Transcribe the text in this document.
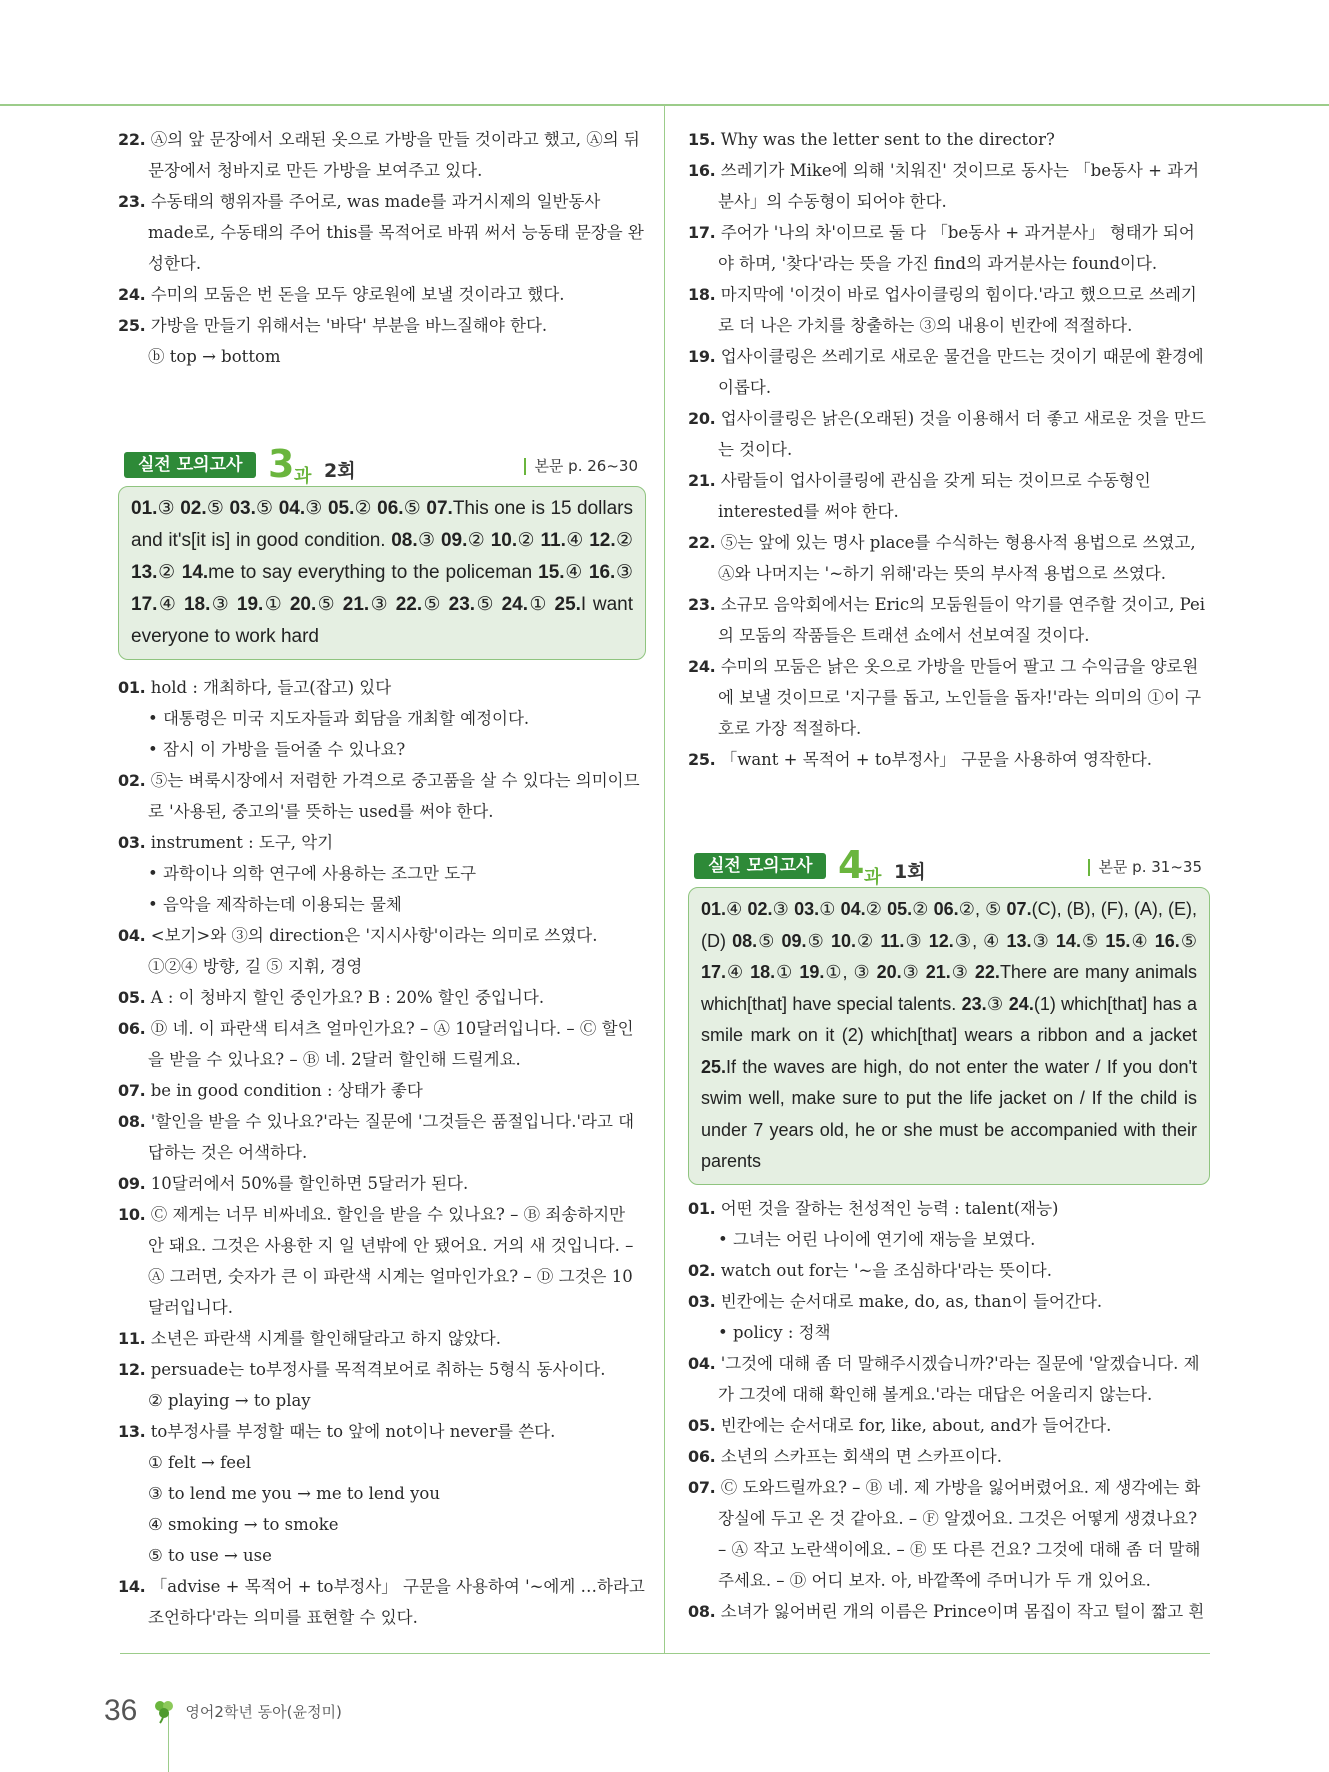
22. Ⓐ의 앞 문장에서 오래된 옷으로 가방을 만들 것이라고 했고, Ⓐ의 뒤 문장에서 청바지로 만든 가방을 보여주고 있다.
23. 수동태의 행위자를 주어로, was made를 과거시제의 일반동사 made로, 수동태의 주어 this를 목적어로 바꿔 써서 능동태 문장을 완성한다.
24. 수미의 모둠은 번 돈을 모두 양로원에 보낼 것이라고 했다.
25. 가방을 만들기 위해서는 '바닥' 부분을 바느질해야 한다.
ⓑ top → bottom
실전 모의고사 3 과 2회	본문 p. 26~30
01.③ 02.⑤ 03.⑤ 04.③ 05.② 06.⑤ 07.This one is 15 dollars and it's[it is] in good condition. 08.③ 09.② 10.② 11.④ 12.② 13.② 14.me to say everything to the policeman 15.④ 16.③ 17.④ 18.③ 19.① 20.⑤ 21.③ 22.⑤ 23.⑤ 24.① 25.I want everyone to work hard
01. hold : 개최하다, 들고(잡고) 있다
• 대통령은 미국 지도자들과 회담을 개최할 예정이다.
• 잠시 이 가방을 들어줄 수 있나요?
02. ⑤는 벼룩시장에서 저렴한 가격으로 중고품을 살 수 있다는 의미이므로 '사용된, 중고의'를 뜻하는 used를 써야 한다.
03. instrument : 도구, 악기
• 과학이나 의학 연구에 사용하는 조그만 도구
• 음악을 제작하는데 이용되는 물체
04. <보기>와 ③의 direction은 '지시사항'이라는 의미로 쓰였다.
①②④ 방향, 길 ⑤ 지휘, 경영
05. A : 이 청바지 할인 중인가요? B : 20% 할인 중입니다.
06. Ⓓ 네. 이 파란색 티셔츠 얼마인가요? – Ⓐ 10달러입니다. – Ⓒ 할인을 받을 수 있나요? – Ⓑ 네. 2달러 할인해 드릴게요.
07. be in good condition : 상태가 좋다
08. '할인을 받을 수 있나요?'라는 질문에 '그것들은 품절입니다.'라고 대답하는 것은 어색하다.
09. 10달러에서 50%를 할인하면 5달러가 된다.
10. Ⓒ 제게는 너무 비싸네요. 할인을 받을 수 있나요? – Ⓑ 죄송하지만 안 돼요. 그것은 사용한 지 일 년밖에 안 됐어요. 거의 새 것입니다. – Ⓐ 그러면, 숫자가 큰 이 파란색 시계는 얼마인가요? – Ⓓ 그것은 10달러입니다.
11. 소년은 파란색 시계를 할인해달라고 하지 않았다.
12. persuade는 to부정사를 목적격보어로 취하는 5형식 동사이다.
② playing → to play
13. to부정사를 부정할 때는 to 앞에 not이나 never를 쓴다.
① felt → feel
③ to lend me you → me to lend you
④ smoking → to smoke
⑤ to use → use
14. 「advise + 목적어 + to부정사」 구문을 사용하여 '~에게 …하라고 조언하다'라는 의미를 표현할 수 있다.
15. Why was the letter sent to the director?
16. 쓰레기가 Mike에 의해 '치워진' 것이므로 동사는 「be동사 + 과거분사」의 수동형이 되어야 한다.
17. 주어가 '나의 차'이므로 둘 다 「be동사 + 과거분사」 형태가 되어야 하며, '찾다'라는 뜻을 가진 find의 과거분사는 found이다.
18. 마지막에 '이것이 바로 업사이클링의 힘이다.'라고 했으므로 쓰레기로 더 나은 가치를 창출하는 ③의 내용이 빈칸에 적절하다.
19. 업사이클링은 쓰레기로 새로운 물건을 만드는 것이기 때문에 환경에 이롭다.
20. 업사이클링은 낡은(오래된) 것을 이용해서 더 좋고 새로운 것을 만드는 것이다.
21. 사람들이 업사이클링에 관심을 갖게 되는 것이므로 수동형인 interested를 써야 한다.
22. ⑤는 앞에 있는 명사 place를 수식하는 형용사적 용법으로 쓰였고, Ⓐ와 나머지는 '~하기 위해'라는 뜻의 부사적 용법으로 쓰였다.
23. 소규모 음악회에서는 Eric의 모둠원들이 악기를 연주할 것이고, Pei의 모둠의 작품들은 트래션 쇼에서 선보여질 것이다.
24. 수미의 모둠은 낡은 옷으로 가방을 만들어 팔고 그 수익금을 양로원에 보낼 것이므로 '지구를 돕고, 노인들을 돕자!'라는 의미의 ①이 구호로 가장 적절하다.
25. 「want + 목적어 + to부정사」 구문을 사용하여 영작한다.
실전 모의고사 4 과 1회	본문 p. 31~35
01.④ 02.③ 03.① 04.② 05.② 06.②, ⑤ 07.(C), (B), (F), (A), (E), (D) 08.⑤ 09.⑤ 10.② 11.③ 12.③, ④ 13.③ 14.⑤ 15.④ 16.⑤ 17.④ 18.① 19.①, ③ 20.③ 21.③ 22.There are many animals which[that] have special talents. 23.③ 24.(1) which[that] has a smile mark on it (2) which[that] wears a ribbon and a jacket 25.If the waves are high, do not enter the water / If you don't swim well, make sure to put the life jacket on / If the child is under 7 years old, he or she must be accompanied with their parents
01. 어떤 것을 잘하는 천성적인 능력 : talent(재능)
• 그녀는 어린 나이에 연기에 재능을 보였다.
02. watch out for는 '~을 조심하다'라는 뜻이다.
03. 빈칸에는 순서대로 make, do, as, than이 들어간다.
• policy : 정책
04. '그것에 대해 좀 더 말해주시겠습니까?'라는 질문에 '알겠습니다. 제가 그것에 대해 확인해 볼게요.'라는 대답은 어울리지 않는다.
05. 빈칸에는 순서대로 for, like, about, and가 들어간다.
06. 소년의 스카프는 회색의 면 스카프이다.
07. Ⓒ 도와드릴까요? – Ⓑ 네. 제 가방을 잃어버렸어요. 제 생각에는 화장실에 두고 온 것 같아요. – Ⓕ 알겠어요. 그것은 어떻게 생겼나요? – Ⓐ 작고 노란색이에요. – Ⓔ 또 다른 건요? 그것에 대해 좀 더 말해주세요. – Ⓓ 어디 보자. 아, 바깥쪽에 주머니가 두 개 있어요.
08. 소녀가 잃어버린 개의 이름은 Prince이며 몸집이 작고 털이 짧고 흰
36	영어2학년 동아(윤정미)
